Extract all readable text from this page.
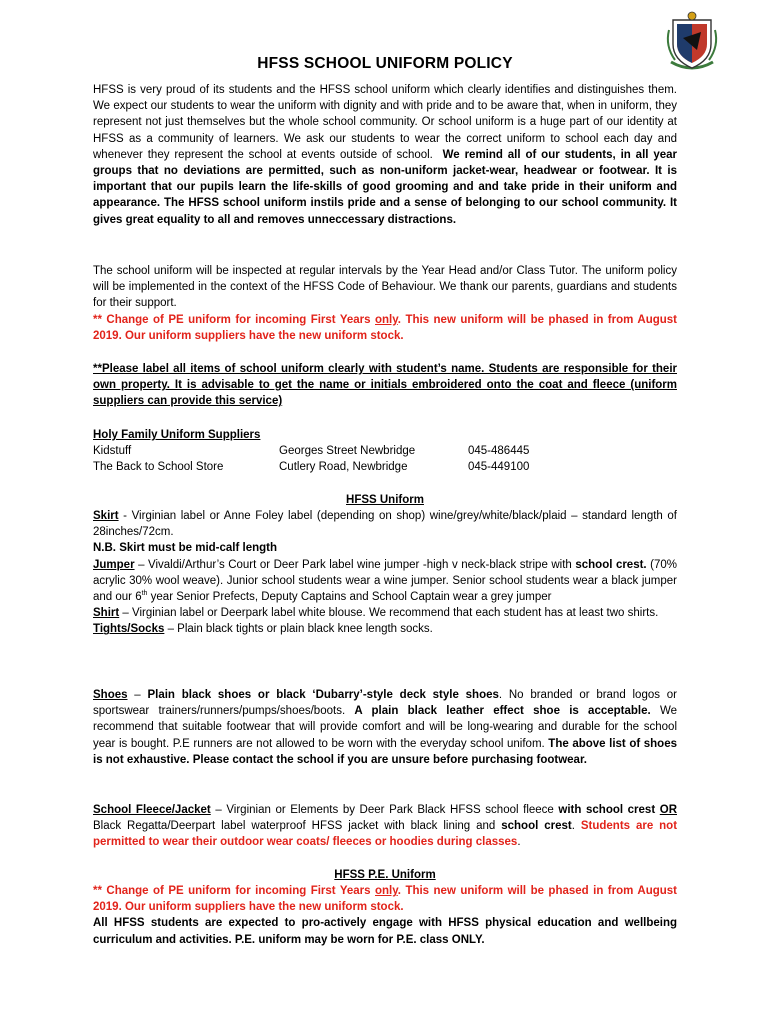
HFSS SCHOOL UNIFORM POLICY
HFSS is very proud of its students and the HFSS school uniform which clearly identifies and distinguishes them. We expect our students to wear the uniform with dignity and with pride and to be aware that, when in uniform, they represent not just themselves but the whole school community. Or school uniform is a huge part of our identity at HFSS as a community of learners. We ask our students to wear the correct uniform to school each day and whenever they represent the school at events outside of school. We remind all of our students, in all year groups that no deviations are permitted, such as non-uniform jacket-wear, headwear or footwear. It is important that our pupils learn the life-skills of good grooming and and take pride in their uniform and appearance. The HFSS school uniform instils pride and a sense of belonging to our school community. It gives great equality to all and removes unneccessary distractions.
The school uniform will be inspected at regular intervals by the Year Head and/or Class Tutor. The uniform policy will be implemented in the context of the HFSS Code of Behaviour. We thank our parents, guardians and students for their support.
** Change of PE uniform for incoming First Years only. This new uniform will be phased in from August 2019. Our uniform suppliers have the new uniform stock.
**Please label all items of school uniform clearly with student’s name. Students are responsible for their own property. It is advisable to get the name or initials embroidered onto the coat and fleece (uniform suppliers can provide this service)
Holy Family Uniform Suppliers
Kidstuff	Georges Street Newbridge	045-486445
The Back to School Store	Cutlery Road, Newbridge	045-449100
HFSS Uniform

Skirt - Virginian label or Anne Foley label (depending on shop) wine/grey/white/black/plaid – standard length of 28inches/72cm.

N.B. Skirt must be mid-calf length

Jumper – Vivaldi/Arthur’s Court or Deer Park label wine jumper -high v neck-black stripe with school crest. (70% acrylic 30% wool weave). Junior school students wear a wine jumper. Senior school students wear a black jumper and our 6th year Senior Prefects, Deputy Captains and School Captain wear a grey jumper

Shirt – Virginian label or Deerpark label white blouse. We recommend that each student has at least two shirts.

Tights/Socks – Plain black tights or plain black knee length socks.

Shoes – Plain black shoes or black ‘Dubarry’-style deck style shoes. No branded or brand logos or sportswear trainers/runners/pumps/shoes/boots. A plain black leather effect shoe is acceptable. We recommend that suitable footwear that will provide comfort and will be long-wearing and durable for the school year is bought. P.E runners are not allowed to be worn with the everyday school unifom. The above list of shoes is not exhaustive. Please contact the school if you are unsure before purchasing footwear.
School Fleece/Jacket – Virginian or Elements by Deer Park Black HFSS school fleece with school crest OR Black Regatta/Deerpart label waterproof HFSS jacket with black lining and school crest. Students are not permitted to wear their outdoor wear coats/ fleeces or hoodies during classes.
HFSS P.E. Uniform
** Change of PE uniform for incoming First Years only. This new uniform will be phased in from August 2019. Our uniform suppliers have the new uniform stock.
All HFSS students are expected to pro-actively engage with HFSS physical education and wellbeing curriculum and activities. P.E. uniform may be worn for P.E. class ONLY.
